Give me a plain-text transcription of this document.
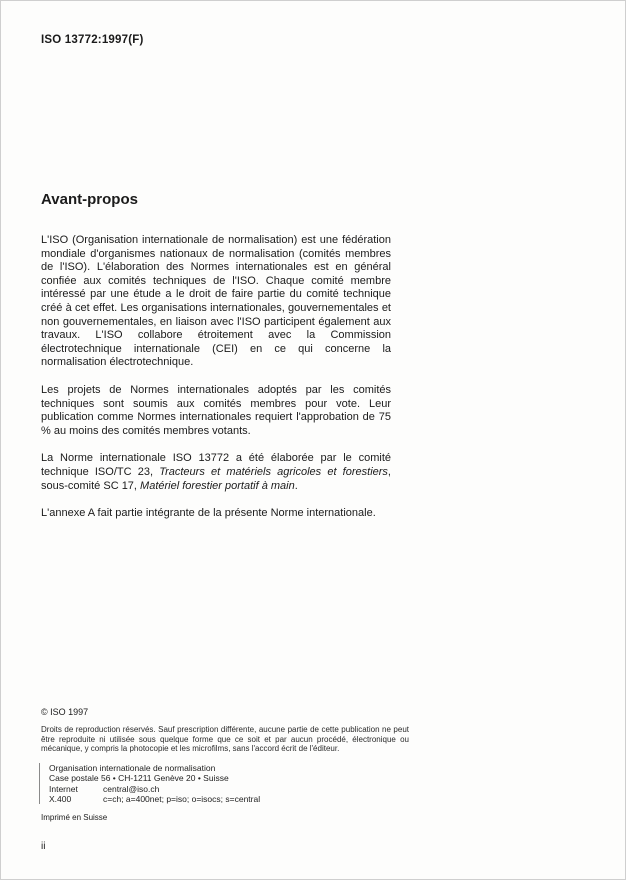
ISO 13772:1997(F)
Avant-propos

L'ISO (Organisation internationale de normalisation) est une fédération mondiale d'organismes nationaux de normalisation (comités membres de l'ISO). L'élaboration des Normes internationales est en général confiée aux comités techniques de l'ISO. Chaque comité membre intéressé par une étude a le droit de faire partie du comité technique créé à cet effet. Les organisations internationales, gouvernementales et non gouvernementales, en liaison avec l'ISO participent également aux travaux. L'ISO collabore étroitement avec la Commission électrotechnique internationale (CEI) en ce qui concerne la normalisation électrotechnique.

Les projets de Normes internationales adoptés par les comités techniques sont soumis aux comités membres pour vote. Leur publication comme Normes internationales requiert l'approbation de 75 % au moins des comités membres votants.

La Norme internationale ISO 13772 a été élaborée par le comité technique ISO/TC 23, Tracteurs et matériels agricoles et forestiers, sous-comité SC 17, Matériel forestier portatif à main.

L'annexe A fait partie intégrante de la présente Norme internationale.

© ISO 1997

Droits de reproduction réservés. Sauf prescription différente, aucune partie de cette publication ne peut être reproduite ni utilisée sous quelque forme que ce soit et par aucun procédé, électronique ou mécanique, y compris la photocopie et les microfilms, sans l'accord écrit de l'éditeur.

Organisation internationale de normalisation
Case postale 56 • CH-1211 Genève 20 • Suisse
Internet	central@iso.ch
X.400	c=ch; a=400net; p=iso; o=isocs; s=central
Imprimé en Suisse
ii
